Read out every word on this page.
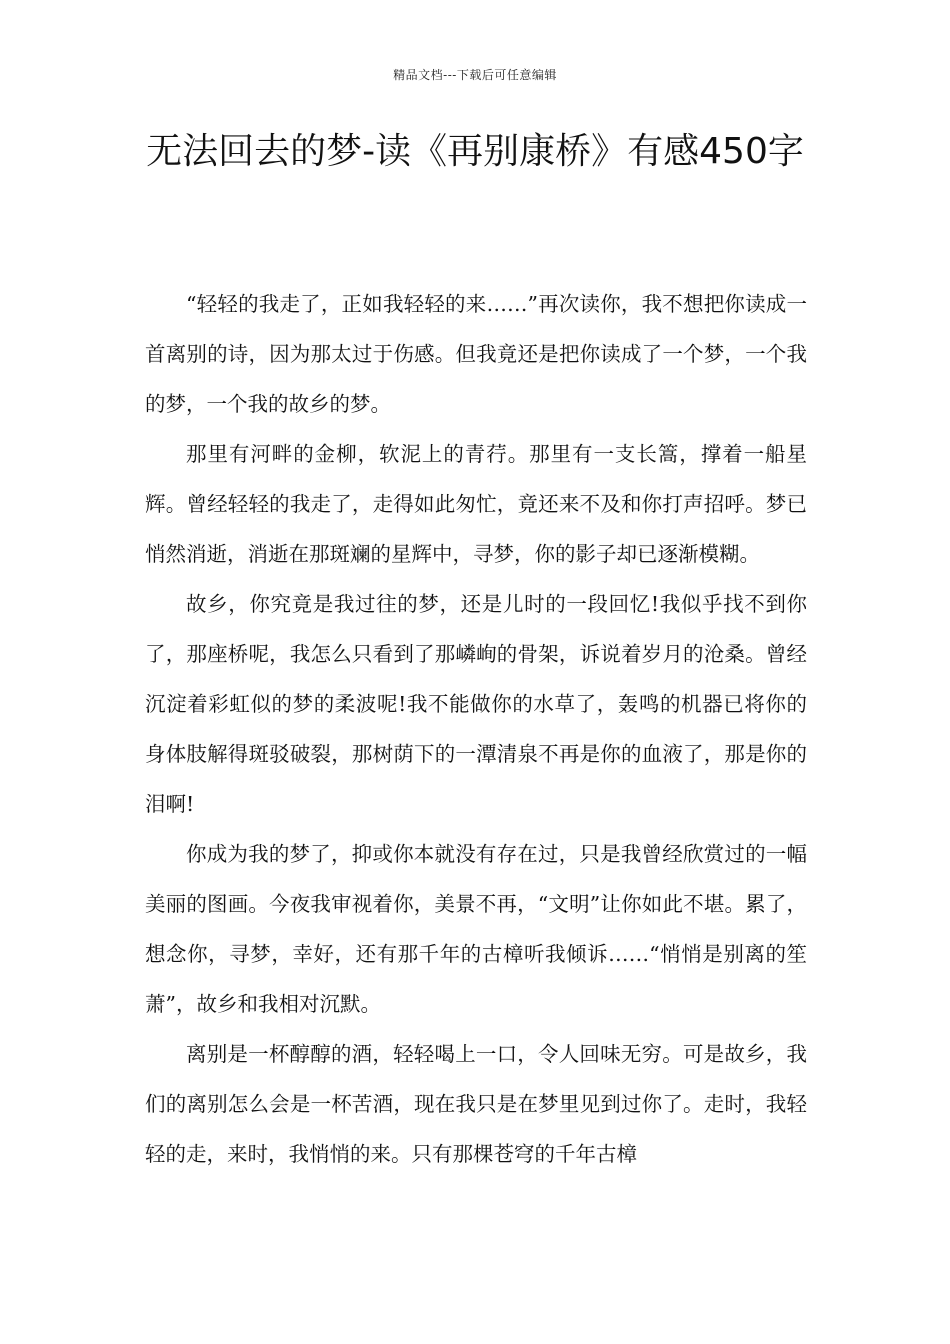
精品文档---下载后可任意编辑
无法回去的梦-读《再别康桥》有感450字

“轻轻的我走了，正如我轻轻的来……”再次读你，我不想把你读成一首离别的诗，因为那太过于伤感。但我竟还是把你读成了一个梦，一个我的梦，一个我的故乡的梦。

那里有河畔的金柳，软泥上的青荇。那里有一支长篙，撑着一船星辉。曾经轻轻的我走了，走得如此匆忙，竟还来不及和你打声招呼。梦已悄然消逝，消逝在那斑斓的星辉中，寻梦，你的影子却已逐渐模糊。

故乡，你究竟是我过往的梦，还是儿时的一段回忆!我似乎找不到你了，那座桥呢，我怎么只看到了那嶙峋的骨架，诉说着岁月的沧桑。曾经沉淀着彩虹似的梦的柔波呢!我不能做你的水草了，轰鸣的机器已将你的身体肢解得斑驳破裂，那树荫下的一潭清泉不再是你的血液了，那是你的泪啊!

你成为我的梦了，抑或你本就没有存在过，只是我曾经欣赏过的一幅美丽的图画。今夜我审视着你，美景不再，“文明”让你如此不堪。累了，想念你，寻梦，幸好，还有那千年的古樟听我倾诉……“悄悄是别离的笙萧”，故乡和我相对沉默。

离别是一杯醇醇的酒，轻轻喝上一口，令人回味无穷。可是故乡，我们的离别怎么会是一杯苦酒，现在我只是在梦里见到过你了。走时，我轻轻的走，来时，我悄悄的来。只有那棵苍穹的千年古樟
